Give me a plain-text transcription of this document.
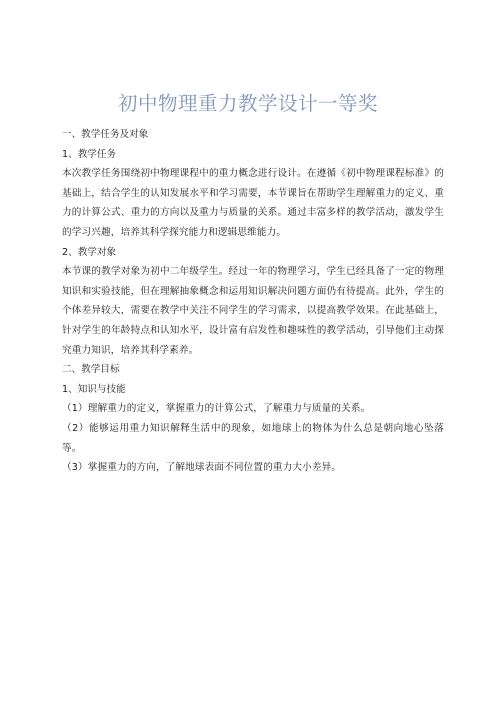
初中物理重力教学设计一等奖

一、教学任务及对象

1、教学任务

本次教学任务围绕初中物理课程中的重力概念进行设计。在遵循《初中物理课程标准》的基础上，结合学生的认知发展水平和学习需要，本节课旨在帮助学生理解重力的定义、重力的计算公式、重力的方向以及重力与质量的关系。通过丰富多样的教学活动，激发学生的学习兴趣，培养其科学探究能力和逻辑思维能力。

2、教学对象

本节课的教学对象为初中二年级学生。经过一年的物理学习，学生已经具备了一定的物理知识和实验技能，但在理解抽象概念和运用知识解决问题方面仍有待提高。此外，学生的个体差异较大，需要在教学中关注不同学生的学习需求，以提高教学效果。在此基础上，针对学生的年龄特点和认知水平，设计富有启发性和趣味性的教学活动，引导他们主动探究重力知识，培养其科学素养。

二、教学目标

1、知识与技能

（1）理解重力的定义，掌握重力的计算公式，了解重力与质量的关系。

（2）能够运用重力知识解释生活中的现象，如地球上的物体为什么总是朝向地心坠落等。

（3）掌握重力的方向，了解地球表面不同位置的重力大小差异。
